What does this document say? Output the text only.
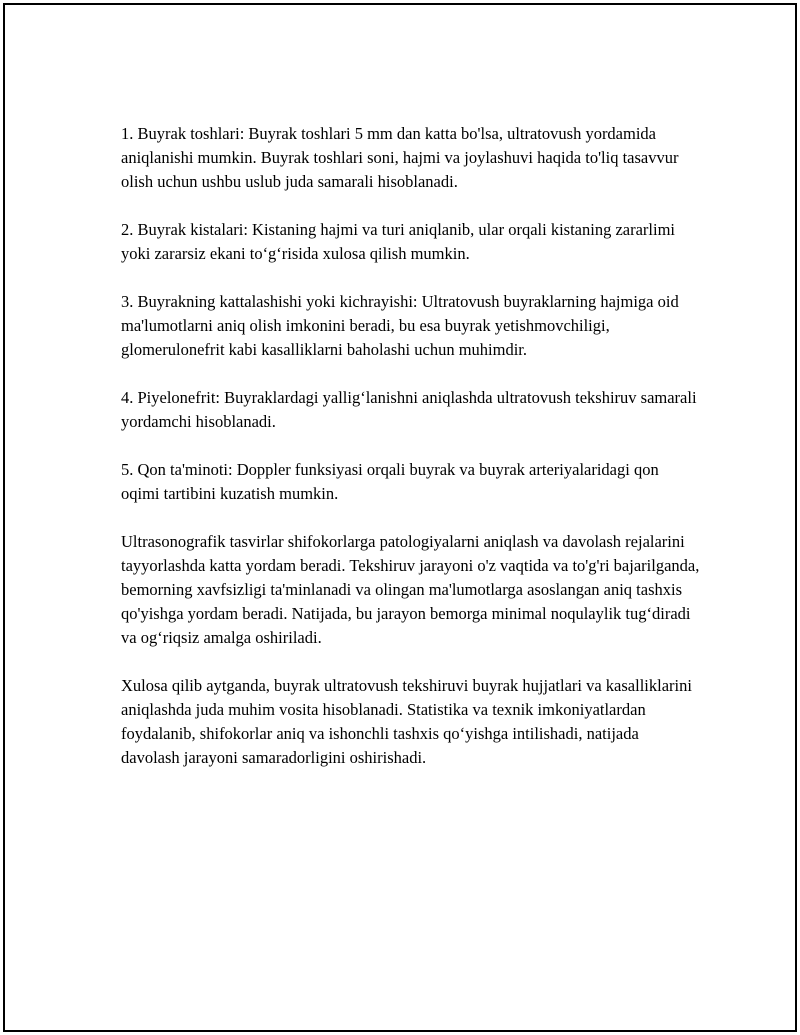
1. Buyrak toshlari: Buyrak toshlari 5 mm dan katta bo'lsa, ultratovush yordamida aniqlanishi mumkin. Buyrak toshlari soni, hajmi va joylashuvi haqida to'liq tasavvur olish uchun ushbu uslub juda samarali hisoblanadi.

2. Buyrak kistalari: Kistaning hajmi va turi aniqlanib, ular orqali kistaning zararlimi yoki zararsiz ekani to‘g‘risida xulosa qilish mumkin.

3. Buyrakning kattalashishi yoki kichrayishi: Ultratovush buyraklarning hajmiga oid ma'lumotlarni aniq olish imkonini beradi, bu esa buyrak yetishmovchiligi, glomerulonefrit kabi kasalliklarni baholashi uchun muhimdir.

4. Piyelonefrit: Buyraklardagi yallig‘lanishni aniqlashda ultratovush tekshiruv samarali yordamchi hisoblanadi.

5. Qon ta'minoti: Doppler funksiyasi orqali buyrak va buyrak arteriyalaridagi qon oqimi tartibini kuzatish mumkin.

Ultrasonografik tasvirlar shifokorlarga patologiyalarni aniqlash va davolash rejalarini tayyorlashda katta yordam beradi. Tekshiruv jarayoni o'z vaqtida va to'g'ri bajarilganda, bemorning xavfsizligi ta'minlanadi va olingan ma'lumotlarga asoslangan aniq tashxis qo'yishga yordam beradi. Natijada, bu jarayon bemorga minimal noqulaylik tug‘diradi va og‘riqsiz amalga oshiriladi.

Xulosa qilib aytganda, buyrak ultratovush tekshiruvi buyrak hujjatlari va kasalliklarini aniqlashda juda muhim vosita hisoblanadi. Statistika va texnik imkoniyatlardan foydalanib, shifokorlar aniq va ishonchli tashxis qo‘yishga intilishadi, natijada davolash jarayoni samaradorligini oshirishadi.
